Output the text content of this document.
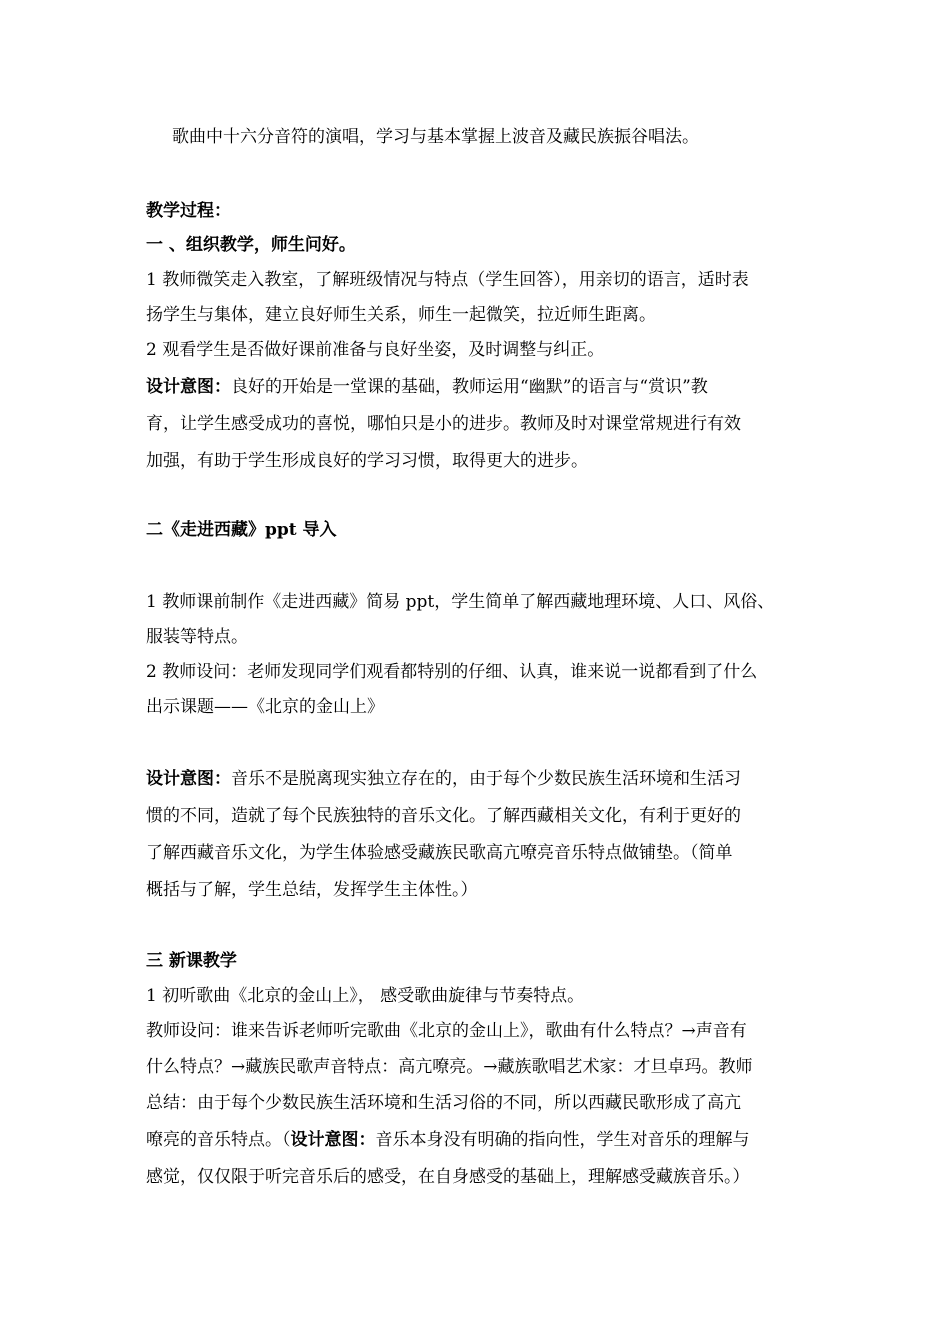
歌曲中十六分音符的演唱，学习与基本掌握上波音及藏民族振谷唱法。
教学过程：
一 、组织教学，师生问好。
1 教师微笑走入教室，了解班级情况与特点（学生回答），用亲切的语言，适时表
扬学生与集体，建立良好师生关系，师生一起微笑，拉近师生距离。
2 观看学生是否做好课前准备与良好坐姿，及时调整与纠正。
设计意图：良好的开始是一堂课的基础，教师运用“幽默”的语言与“赏识”教
育，让学生感受成功的喜悦，哪怕只是小的进步。教师及时对课堂常规进行有效
加强，有助于学生形成良好的学习习惯，取得更大的进步。
二《走进西藏》ppt 导入
1 教师课前制作《走进西藏》简易 ppt，学生简单了解西藏地理环境、人口、风俗、
服装等特点。
2 教师设问：老师发现同学们观看都特别的仔细、认真，谁来说一说都看到了什么
出示课题——《北京的金山上》
设计意图：音乐不是脱离现实独立存在的，由于每个少数民族生活环境和生活习
惯的不同，造就了每个民族独特的音乐文化。了解西藏相关文化，有利于更好的
了解西藏音乐文化，为学生体验感受藏族民歌高亢嘹亮音乐特点做铺垫。（简单
概括与了解，学生总结，发挥学生主体性。）
三 新课教学
1 初听歌曲《北京的金山上》， 感受歌曲旋律与节奏特点。
教师设问：谁来告诉老师听完歌曲《北京的金山上》，歌曲有什么特点？→声音有
什么特点？→藏族民歌声音特点：高亢嘹亮。→藏族歌唱艺术家：才旦卓玛。教师
总结：由于每个少数民族生活环境和生活习俗的不同，所以西藏民歌形成了高亢
嘹亮的音乐特点。（设计意图：音乐本身没有明确的指向性，学生对音乐的理解与
感觉，仅仅限于听完音乐后的感受，在自身感受的基础上，理解感受藏族音乐。）
